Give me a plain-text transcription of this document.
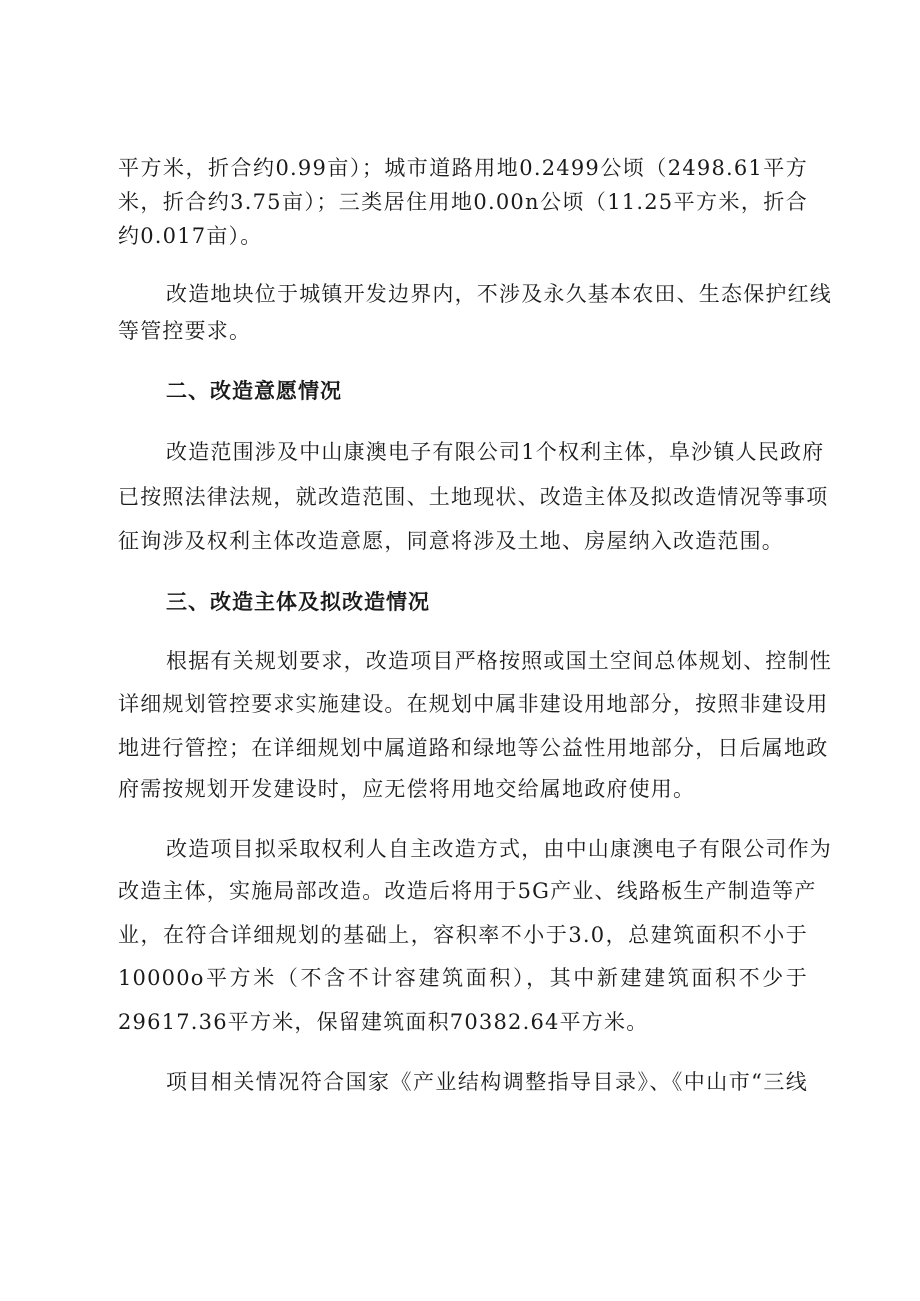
平方米，折合约0.99亩）；城市道路用地0.2499公顷（2498.61平方
米，折合约3.75亩）；三类居住用地0.00n公顷（11.25平方米，折合
约0.017亩）。
改造地块位于城镇开发边界内，不涉及永久基本农田、生态保护红线
等管控要求。
二、改造意愿情况
改造范围涉及中山康澳电子有限公司1个权利主体，阜沙镇人民政府
已按照法律法规，就改造范围、土地现状、改造主体及拟改造情况等事项
征询涉及权利主体改造意愿，同意将涉及土地、房屋纳入改造范围。
三、改造主体及拟改造情况
根据有关规划要求，改造项目严格按照或国土空间总体规划、控制性
详细规划管控要求实施建设。在规划中属非建设用地部分，按照非建设用
地进行管控；在详细规划中属道路和绿地等公益性用地部分，日后属地政
府需按规划开发建设时，应无偿将用地交给属地政府使用。
改造项目拟采取权利人自主改造方式，由中山康澳电子有限公司作为
改造主体，实施局部改造。改造后将用于5G产业、线路板生产制造等产
业，在符合详细规划的基础上，容积率不小于3.0，总建筑面积不小于
10000o平方米（不含不计容建筑面积），其中新建建筑面积不少于
29617.36平方米，保留建筑面积70382.64平方米。
项目相关情况符合国家《产业结构调整指导目录》、《中山市“三线
